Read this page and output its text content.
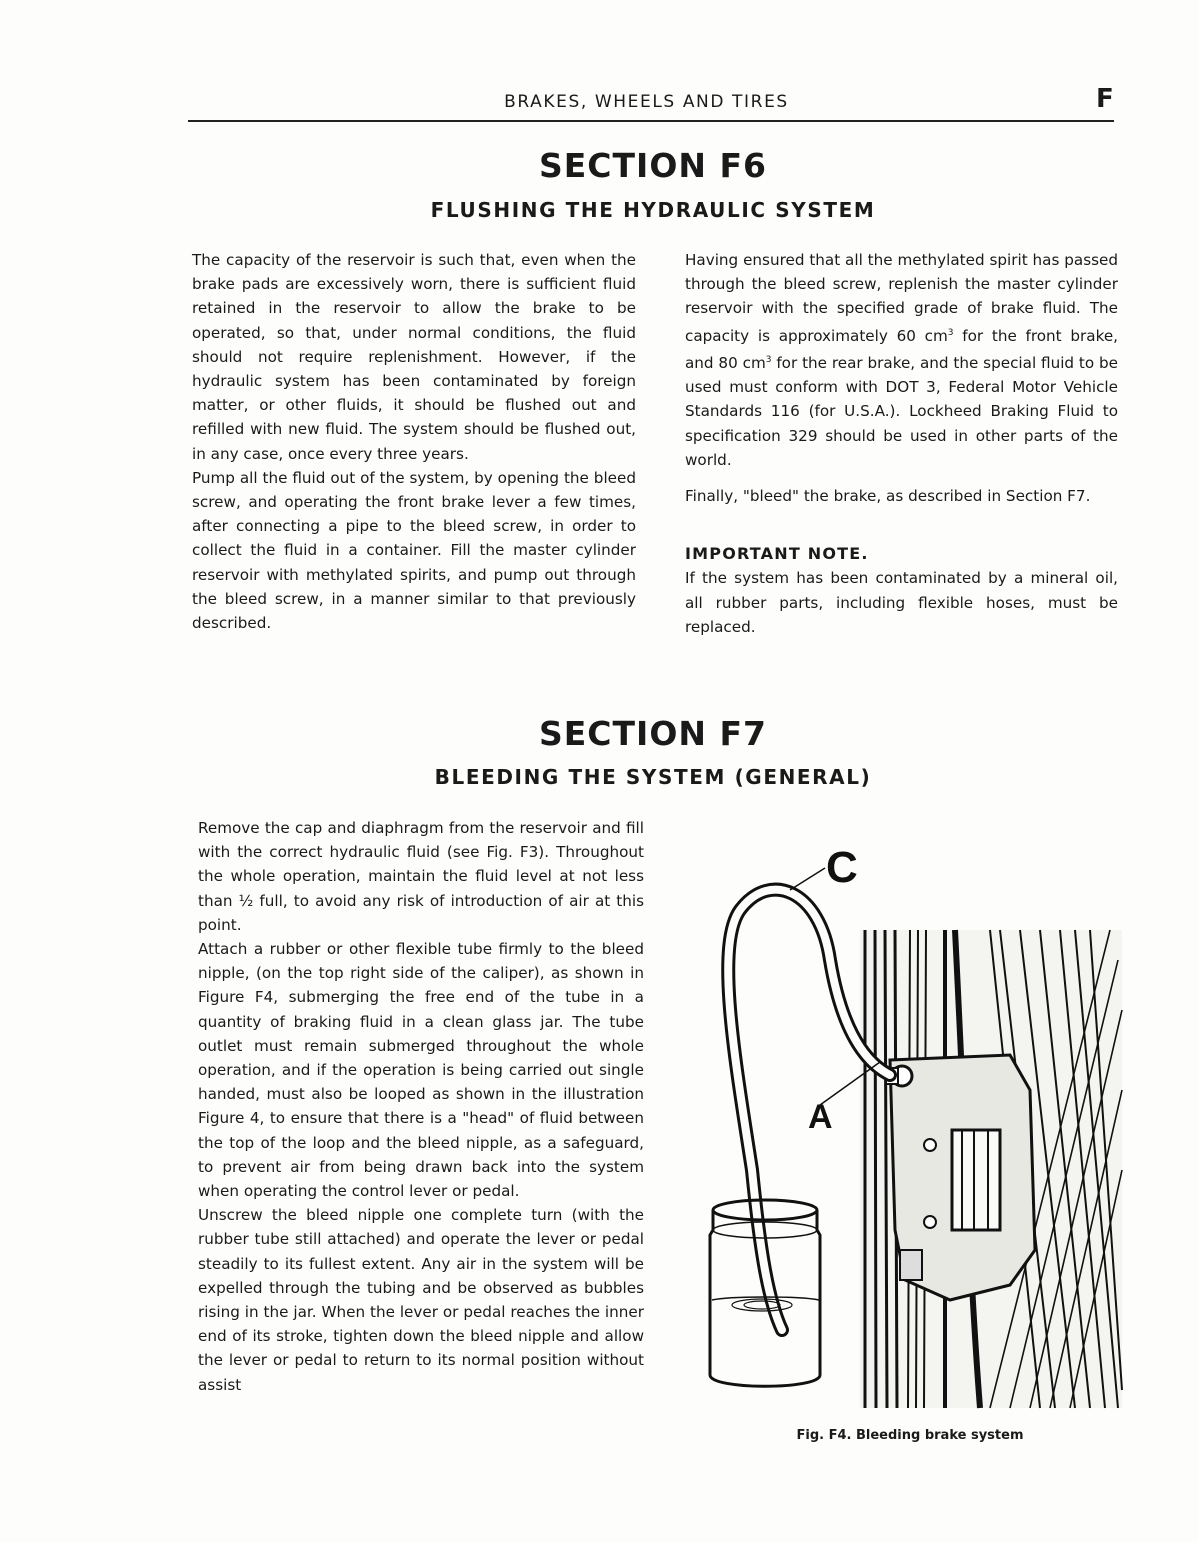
BRAKES, WHEELS AND TIRES	F
SECTION F6
FLUSHING THE HYDRAULIC SYSTEM

The capacity of the reservoir is such that, even when the brake pads are excessively worn, there is sufficient fluid retained in the reservoir to allow the brake to be operated, so that, under normal conditions, the fluid should not require replenishment. However, if the hydraulic system has been contaminated by foreign matter, or other fluids, it should be flushed out and refilled with new fluid. The system should be flushed out, in any case, once every three years.

Pump all the fluid out of the system, by opening the bleed screw, and operating the front brake lever a few times, after connecting a pipe to the bleed screw, in order to collect the fluid in a container. Fill the master cylinder reservoir with methylated spirits, and pump out through the bleed screw, in a manner similar to that previously described.

Having ensured that all the methylated spirit has passed through the bleed screw, replenish the master cylinder reservoir with the specified grade of brake fluid. The capacity is approximately 60 $cm^3$ for the front brake, and 80 $cm^3$ for the rear brake, and the special fluid to be used must conform with DOT 3, Federal Motor Vehicle Standards 116 (for U.S.A.). Lockheed Braking Fluid to specification 329 should be used in other parts of the world.

Finally, "bleed" the brake, as described in Section F7.

IMPORTANT NOTE.

If the system has been contaminated by a mineral oil, all rubber parts, including flexible hoses, must be replaced.

SECTION F7
BLEEDING THE SYSTEM (GENERAL)

Remove the cap and diaphragm from the reservoir and fill with the correct hydraulic fluid (see Fig. F3). Throughout the whole operation, maintain the fluid level at not less than ½ full, to avoid any risk of introduction of air at this point.

Attach a rubber or other flexible tube firmly to the bleed nipple, (on the top right side of the caliper), as shown in Figure F4, submerging the free end of the tube in a quantity of braking fluid in a clean glass jar. The tube outlet must remain submerged throughout the whole operation, and if the operation is being carried out single handed, must also be looped as shown in the illustration Figure 4, to ensure that there is a "head" of fluid between the top of the loop and the bleed nipple, as a safeguard, to prevent air from being drawn back into the system when operating the control lever or pedal.

Unscrew the bleed nipple one complete turn (with the rubber tube still attached) and operate the lever or pedal steadily to its fullest extent. Any air in the system will be expelled through the tubing and be observed as bubbles rising in the jar. When the lever or pedal reaches the inner end of its stroke, tighten down the bleed nipple and allow the lever or pedal to return to its normal position without assist

C
A
Fig. F4. Bleeding brake system
